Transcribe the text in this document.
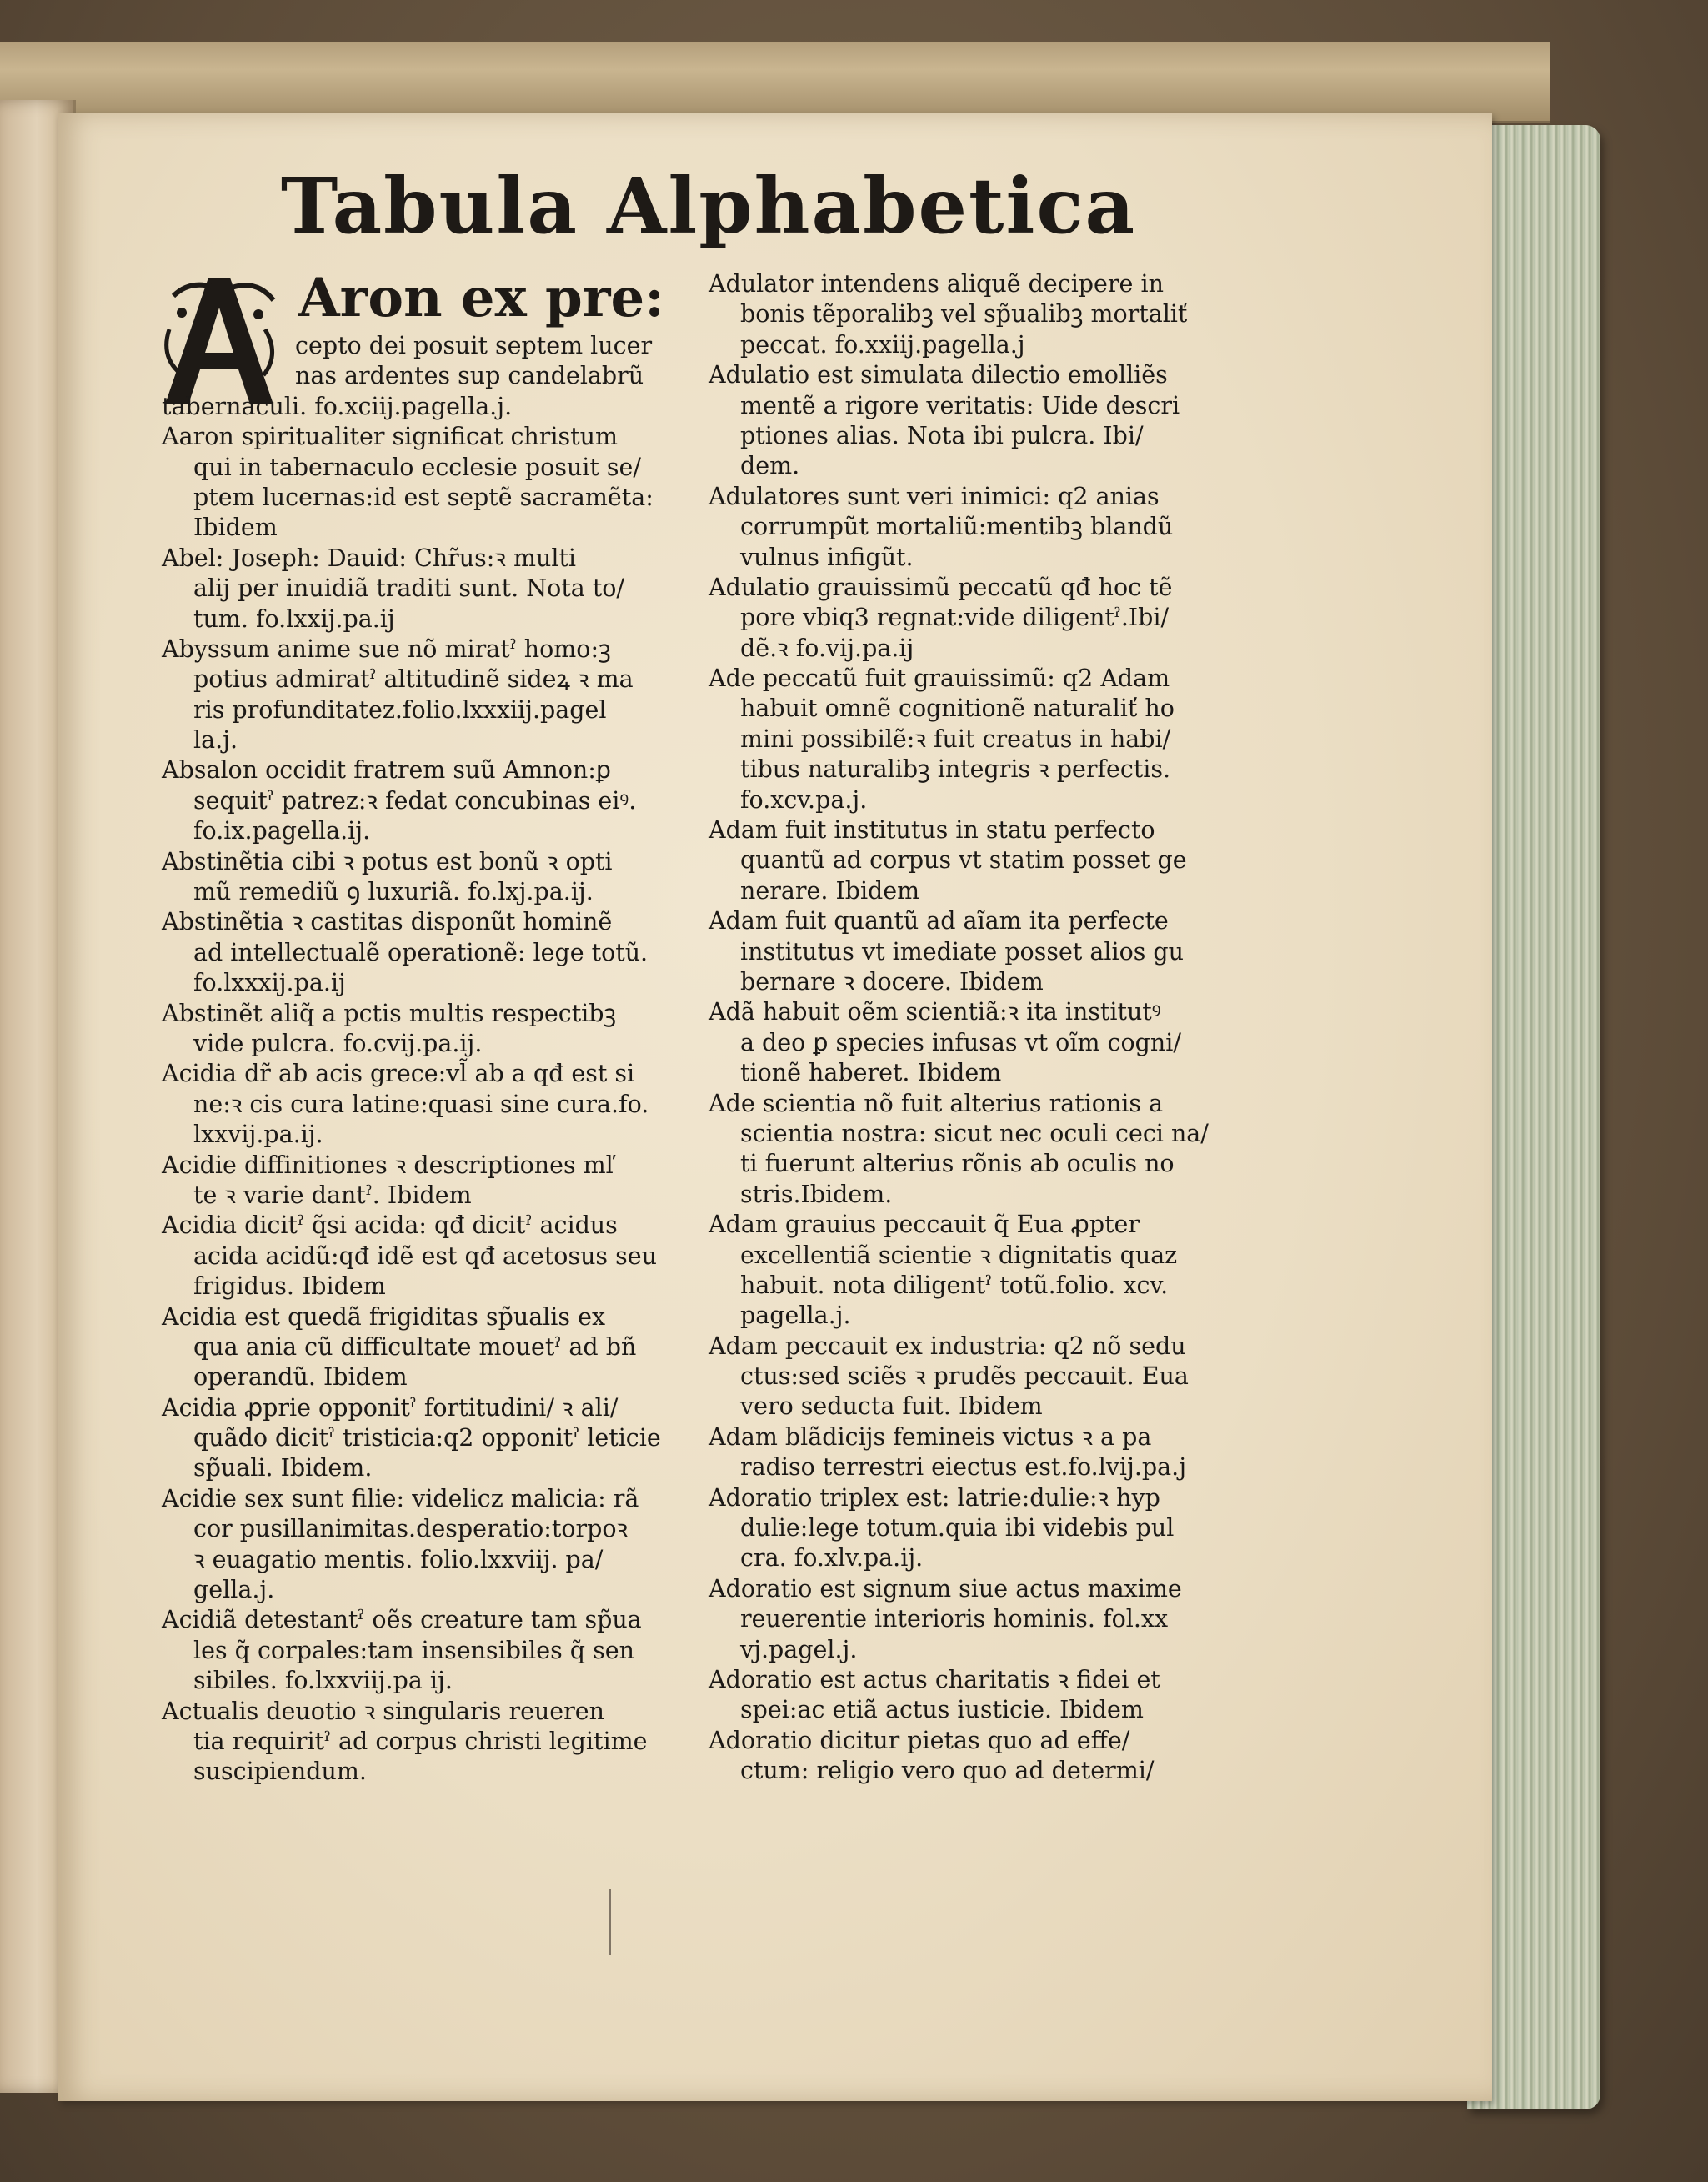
Tabula Alphabetica
Aron ex pre:
cepto dei posuit septem lucer
nas ardentes sup candelabrũ
tabernaculi. fo.xciij.pagella.j.
Aaron spiritualiter significat christum
qui in tabernaculo ecclesie posuit se/
ptem lucernas:id est septẽ sacramẽta:
Ibidem
Abel: Joseph: Dauid: Chr̃us:ꝛ multi
alij per inuidiã traditi sunt. Nota to/
tum. fo.lxxij.pa.ij
Abyssum anime sue nõ miratˀ homo:ꝫ
potius admiratˀ altitudinẽ sideꝝ ꝛ ma
ris profunditatez.folio.lxxxiij.pagel
la.j.
Absalon occidit fratrem suũ Amnon:ꝑ
sequitˀ patrez:ꝛ fedat concubinas eiꝰ.
fo.ix.pagella.ij.
Abstinẽtia cibi ꝛ potus est bonũ ꝛ opti
mũ remediũ ꝯ luxuriã. fo.lxj.pa.ij.
Abstinẽtia ꝛ castitas disponũt hominẽ
ad intellectualẽ operationẽ: lege totũ.
fo.lxxxij.pa.ij
Abstinẽt aliq̃ a pctis multis respectibꝫ
vide pulcra. fo.cvij.pa.ij.
Acidia dr̃ ab acis grece:vl̃ ab a qđ est si
ne:ꝛ cis cura latine:quasi sine cura.fo.
lxxvij.pa.ij.
Acidie diffinitiones ꝛ descriptiones mľ
te ꝛ varie dantˀ. Ibidem
Acidia dicitˀ q̃si acida: qđ dicitˀ acidus
acida acidũ:qđ idẽ est qđ acetosus seu
frigidus. Ibidem
Acidia est quedã frigiditas sp̃ualis ex
qua ania cũ difficultate mouetˀ ad bñ
operandũ. Ibidem
Acidia ꝓprie opponitˀ fortitudini/ ꝛ ali/
quãdo dicitˀ tristicia:q2 opponitˀ leticie
sp̃uali. Ibidem.
Acidie sex sunt filie: videlicz malicia: rã
cor pusillanimitas.desperatio:torpoꝛ
ꝛ euagatio mentis. folio.lxxviij. pa/
gella.j.
Acidiã detestantˀ oẽs creature tam sp̃ua
les q̃ corpales:tam insensibiles q̃ sen
sibiles. fo.lxxviij.pa ij.
Actualis deuotio ꝛ singularis reueren
tia requiritˀ ad corpus christi legitime
suscipiendum.
Adulator intendens aliquẽ decipere in
bonis tẽporalibꝫ vel sp̃ualibꝫ mortaliť
peccat. fo.xxiij.pagella.j
Adulatio est simulata dilectio emolliẽs
mentẽ a rigore veritatis: Uide descri
ptiones alias. Nota ibi pulcra. Ibi/
dem.
Adulatores sunt veri inimici: q2 anias
corrumpũt mortaliũ:mentibꝫ blandũ
vulnus infigũt.
Adulatio grauissimũ peccatũ qđ hoc tẽ
pore vbiq3 regnat:vide diligentˀ.Ibi/
dẽ.ꝛ fo.vij.pa.ij
Ade peccatũ fuit grauissimũ: q2 Adam
habuit omnẽ cognitionẽ naturaliť ho
mini possibilẽ:ꝛ fuit creatus in habi/
tibus naturalibꝫ integris ꝛ perfectis.
fo.xcv.pa.j.
Adam fuit institutus in statu perfecto
quantũ ad corpus vt statim posset ge
nerare. Ibidem
Adam fuit quantũ ad aĩam ita perfecte
institutus vt imediate posset alios gu
bernare ꝛ docere. Ibidem
Adã habuit oẽm scientiã:ꝛ ita institutꝰ
a deo ꝑ species infusas vt oĩm cogni/
tionẽ haberet. Ibidem
Ade scientia nõ fuit alterius rationis a
scientia nostra: sicut nec oculi ceci na/
ti fuerunt alterius rõnis ab oculis no
stris.Ibidem.
Adam grauius peccauit q̃ Eua ꝓpter
excellentiã scientie ꝛ dignitatis quaz
habuit. nota diligentˀ totũ.folio. xcv.
pagella.j.
Adam peccauit ex industria: q2 nõ sedu
ctus:sed sciẽs ꝛ prudẽs peccauit. Eua
vero seducta fuit. Ibidem
Adam blãdicijs femineis victus ꝛ a pa
radiso terrestri eiectus est.fo.lvij.pa.j
Adoratio triplex est: latrie:dulie:ꝛ hyp
dulie:lege totum.quia ibi videbis pul
cra. fo.xlv.pa.ij.
Adoratio est signum siue actus maxime
reuerentie interioris hominis. fol.xx
vj.pagel.j.
Adoratio est actus charitatis ꝛ fidei et
spei:ac etiã actus iusticie. Ibidem
Adoratio dicitur pietas quo ad effe/
ctum: religio vero quo ad determi/
